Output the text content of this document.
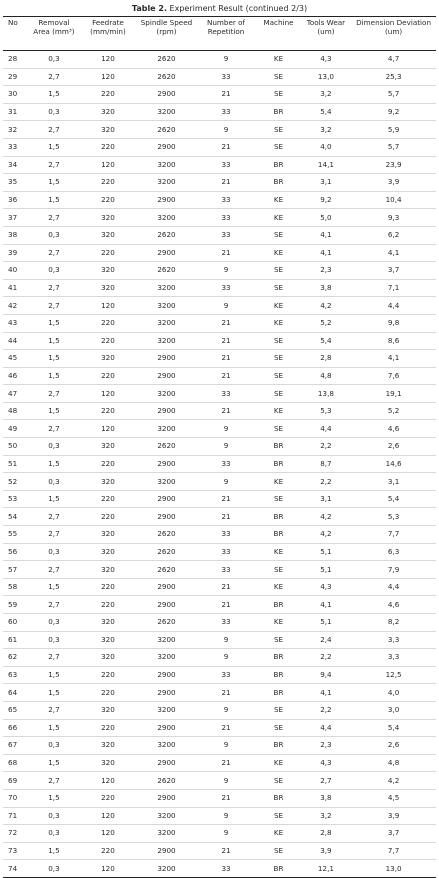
Table 2. Experiment Result (continued 2/3)
No	Removal Area (mm³)	Feedrate (mm/min)	Spindle Speed (rpm)	Number of Repetition	Machine	Tools Wear (um)	Dimension Deviation (um)
28	0,3	120	2620	9	KE	4,3	4,7
29	2,7	120	2620	33	SE	13,0	25,3
30	1,5	220	2900	21	SE	3,2	5,7
31	0,3	320	3200	33	BR	5,4	9,2
32	2,7	320	2620	9	SE	3,2	5,9
33	1,5	220	2900	21	SE	4,0	5,7
34	2,7	120	3200	33	BR	14,1	23,9
35	1,5	220	3200	21	BR	3,1	3,9
36	1,5	220	2900	33	KE	9,2	10,4
37	2,7	320	3200	33	KE	5,0	9,3
38	0,3	320	2620	33	SE	4,1	6,2
39	2,7	220	2900	21	KE	4,1	4,1
40	0,3	320	2620	9	SE	2,3	3,7
41	2,7	320	3200	33	SE	3,8	7,1
42	2,7	120	3200	9	KE	4,2	4,4
43	1,5	220	3200	21	KE	5,2	9,8
44	1,5	220	3200	21	SE	5,4	8,6
45	1,5	320	2900	21	SE	2,8	4,1
46	1,5	220	2900	21	SE	4,8	7,6
47	2,7	120	3200	33	SE	13,8	19,1
48	1,5	220	2900	21	KE	5,3	5,2
49	2,7	120	3200	9	SE	4,4	4,6
50	0,3	320	2620	9	BR	2,2	2,6
51	1,5	220	2900	33	BR	8,7	14,6
52	0,3	320	3200	9	KE	2,2	3,1
53	1,5	220	2900	21	SE	3,1	5,4
54	2,7	220	2900	21	BR	4,2	5,3
55	2,7	320	2620	33	BR	4,2	7,7
56	0,3	320	2620	33	KE	5,1	6,3
57	2,7	320	2620	33	SE	5,1	7,9
58	1,5	220	2900	21	KE	4,3	4,4
59	2,7	220	2900	21	BR	4,1	4,6
60	0,3	320	2620	33	KE	5,1	8,2
61	0,3	320	3200	9	SE	2,4	3,3
62	2,7	320	3200	9	BR	2,2	3,3
63	1,5	220	2900	33	BR	9,4	12,5
64	1,5	220	2900	21	BR	4,1	4,0
65	2,7	320	3200	9	SE	2,2	3,0
66	1,5	220	2900	21	SE	4,4	5,4
67	0,3	320	3200	9	BR	2,3	2,6
68	1,5	320	2900	21	KE	4,3	4,8
69	2,7	120	2620	9	SE	2,7	4,2
70	1,5	220	2900	21	BR	3,8	4,5
71	0,3	120	3200	9	SE	3,2	3,9
72	0,3	120	3200	9	KE	2,8	3,7
73	1,5	220	2900	21	SE	3,9	7,7
74	0,3	120	3200	33	BR	12,1	13,0
